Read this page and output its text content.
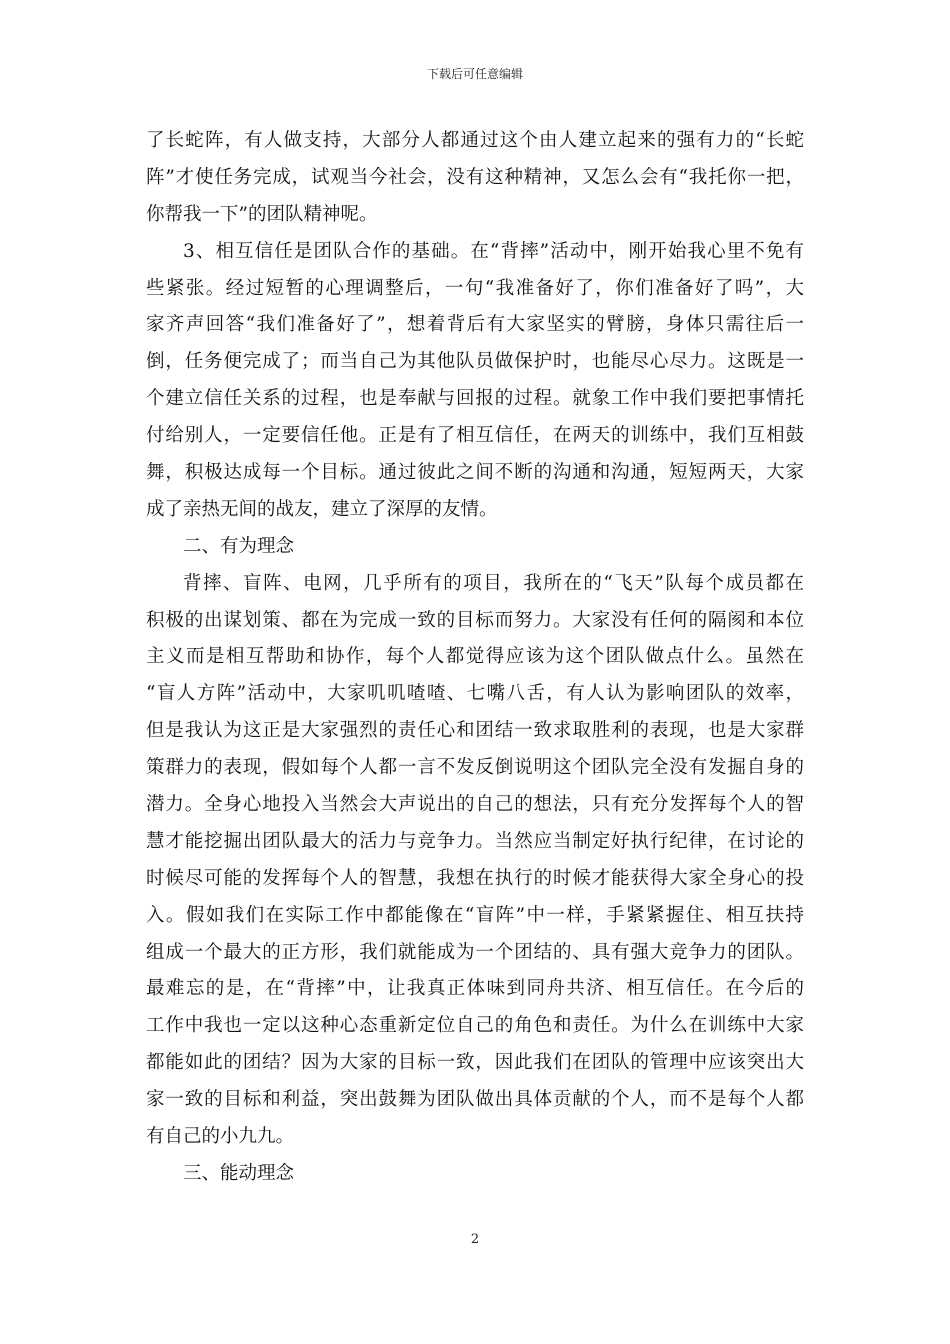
下载后可任意编辑
了长蛇阵，有人做支持，大部分人都通过这个由人建立起来的强有力的“长蛇
阵”才使任务完成，试观当今社会，没有这种精神，又怎么会有“我托你一把，
你帮我一下”的团队精神呢。
3、相互信任是团队合作的基础。在“背摔”活动中，刚开始我心里不免有
些紧张。经过短暂的心理调整后，一句“我准备好了，你们准备好了吗”，大
家齐声回答“我们准备好了”，想着背后有大家坚实的臂膀，身体只需往后一
倒，任务便完成了；而当自己为其他队员做保护时，也能尽心尽力。这既是一
个建立信任关系的过程，也是奉献与回报的过程。就象工作中我们要把事情托
付给别人，一定要信任他。正是有了相互信任，在两天的训练中，我们互相鼓
舞，积极达成每一个目标。通过彼此之间不断的沟通和沟通，短短两天，大家
成了亲热无间的战友，建立了深厚的友情。
二、有为理念
背摔、盲阵、电网，几乎所有的项目，我所在的“飞天”队每个成员都在
积极的出谋划策、都在为完成一致的目标而努力。大家没有任何的隔阂和本位
主义而是相互帮助和协作，每个人都觉得应该为这个团队做点什么。虽然在
“盲人方阵”活动中，大家叽叽喳喳、七嘴八舌，有人认为影响团队的效率，
但是我认为这正是大家强烈的责任心和团结一致求取胜利的表现，也是大家群
策群力的表现，假如每个人都一言不发反倒说明这个团队完全没有发掘自身的
潜力。全身心地投入当然会大声说出的自己的想法，只有充分发挥每个人的智
慧才能挖掘出团队最大的活力与竞争力。当然应当制定好执行纪律，在讨论的
时候尽可能的发挥每个人的智慧，我想在执行的时候才能获得大家全身心的投
入。假如我们在实际工作中都能像在“盲阵”中一样，手紧紧握住、相互扶持
组成一个最大的正方形，我们就能成为一个团结的、具有强大竞争力的团队。
最难忘的是，在“背摔”中，让我真正体味到同舟共济、相互信任。在今后的
工作中我也一定以这种心态重新定位自己的角色和责任。为什么在训练中大家
都能如此的团结？因为大家的目标一致，因此我们在团队的管理中应该突出大
家一致的目标和利益，突出鼓舞为团队做出具体贡献的个人，而不是每个人都
有自己的小九九。
三、能动理念
2
